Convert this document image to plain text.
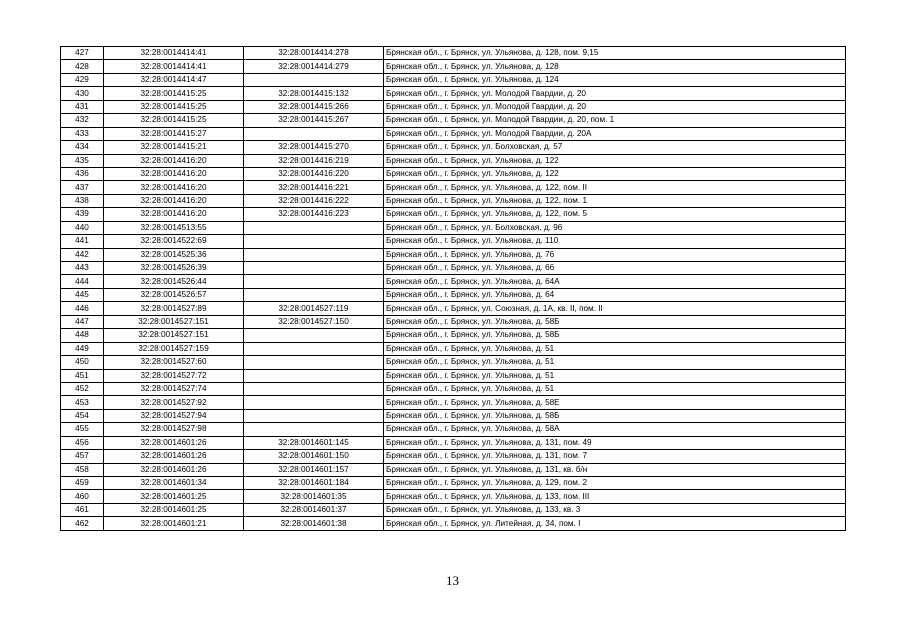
427	32:28:0014414:41	32:28:0014414:278	Брянская обл., г. Брянск, ул. Ульянова, д. 128, пом. 9,15
428	32:28:0014414:41	32:28:0014414:279	Брянская обл., г. Брянск, ул. Ульянова, д. 128
429	32:28:0014414:47		Брянская обл., г. Брянск, ул. Ульянова, д. 124
430	32:28:0014415:25	32:28:0014415:132	Брянская обл., г. Брянск, ул. Молодой Гвардии, д. 20
431	32:28:0014415:25	32:28:0014415:266	Брянская обл., г. Брянск, ул. Молодой Гвардии, д. 20
432	32:28:0014415:25	32:28:0014415:267	Брянская обл., г. Брянск, ул. Молодой Гвардии, д. 20, пом. 1
433	32:28:0014415:27		Брянская обл., г. Брянск, ул. Молодой Гвардии, д. 20А
434	32:28:0014415:21	32:28:0014415:270	Брянская обл., г. Брянск, ул. Болховская, д. 57
435	32:28:0014416:20	32:28:0014416:219	Брянская обл., г. Брянск, ул. Ульянова, д. 122
436	32:28:0014416:20	32:28:0014416:220	Брянская обл., г. Брянск, ул. Ульянова, д. 122
437	32:28:0014416:20	32:28:0014416:221	Брянская обл., г. Брянск, ул. Ульянова, д. 122, пом. II
438	32:28:0014416:20	32:28:0014416:222	Брянская обл., г. Брянск, ул. Ульянова, д. 122, пом. 1
439	32:28:0014416:20	32:28:0014416:223	Брянская обл., г. Брянск, ул. Ульянова, д. 122, пом. 5
440	32:28:0014513:55		Брянская обл., г. Брянск, ул. Болховская, д. 96
441	32:28:0014522:69		Брянская обл., г. Брянск, ул. Ульянова, д. 110
442	32:28:0014525:36		Брянская обл., г. Брянск, ул. Ульянова, д. 76
443	32:28:0014526:39		Брянская обл., г. Брянск, ул. Ульянова, д. 66
444	32:28:0014526:44		Брянская обл., г. Брянск, ул. Ульянова, д. 64А
445	32:28:0014526:57		Брянская обл., г. Брянск, ул. Ульянова, д. 64
446	32:28:0014527:89	32:28:0014527:119	Брянская обл., г. Брянск, ул. Союзная, д. 1А, кв. II, пом. II
447	32:28:0014527:151	32:28:0014527:150	Брянская обл., г. Брянск, ул. Ульянова, д. 58Б
448	32:28:0014527:151		Брянская обл., г. Брянск, ул. Ульянова, д. 58Б
449	32:28:0014527:159		Брянская обл., г. Брянск, ул. Ульянова, д. 51
450	32:28:0014527:60		Брянская обл., г. Брянск, ул. Ульянова, д. 51
451	32:28:0014527:72		Брянская обл., г. Брянск, ул. Ульянова, д. 51
452	32:28:0014527:74		Брянская обл., г. Брянск, ул. Ульянова, д. 51
453	32:28:0014527:92		Брянская обл., г. Брянск, ул. Ульянова, д. 58Е
454	32:28:0014527:94		Брянская обл., г. Брянск, ул. Ульянова, д. 58Б
455	32:28:0014527:98		Брянская обл., г. Брянск, ул. Ульянова, д. 58А
456	32:28:0014601:26	32:28:0014601:145	Брянская обл., г. Брянск, ул. Ульянова, д. 131, пом. 49
457	32:28:0014601:26	32:28:0014601:150	Брянская обл., г. Брянск, ул. Ульянова, д. 131, пом. 7
458	32:28:0014601:26	32:28:0014601:157	Брянская обл., г. Брянск, ул. Ульянова, д. 131, кв. б/н
459	32:28:0014601:34	32:28:0014601:184	Брянская обл., г. Брянск, ул. Ульянова, д. 129, пом. 2
460	32:28:0014601:25	32:28:0014601:35	Брянская обл., г. Брянск, ул. Ульянова, д. 133, пом. III
461	32:28:0014601:25	32:28:0014601:37	Брянская обл., г. Брянск, ул. Ульянова, д. 133, кв. 3
462	32:28:0014601:21	32:28:0014601:38	Брянская обл., г. Брянск, ул. Литейная, д. 34, пом. I
13
